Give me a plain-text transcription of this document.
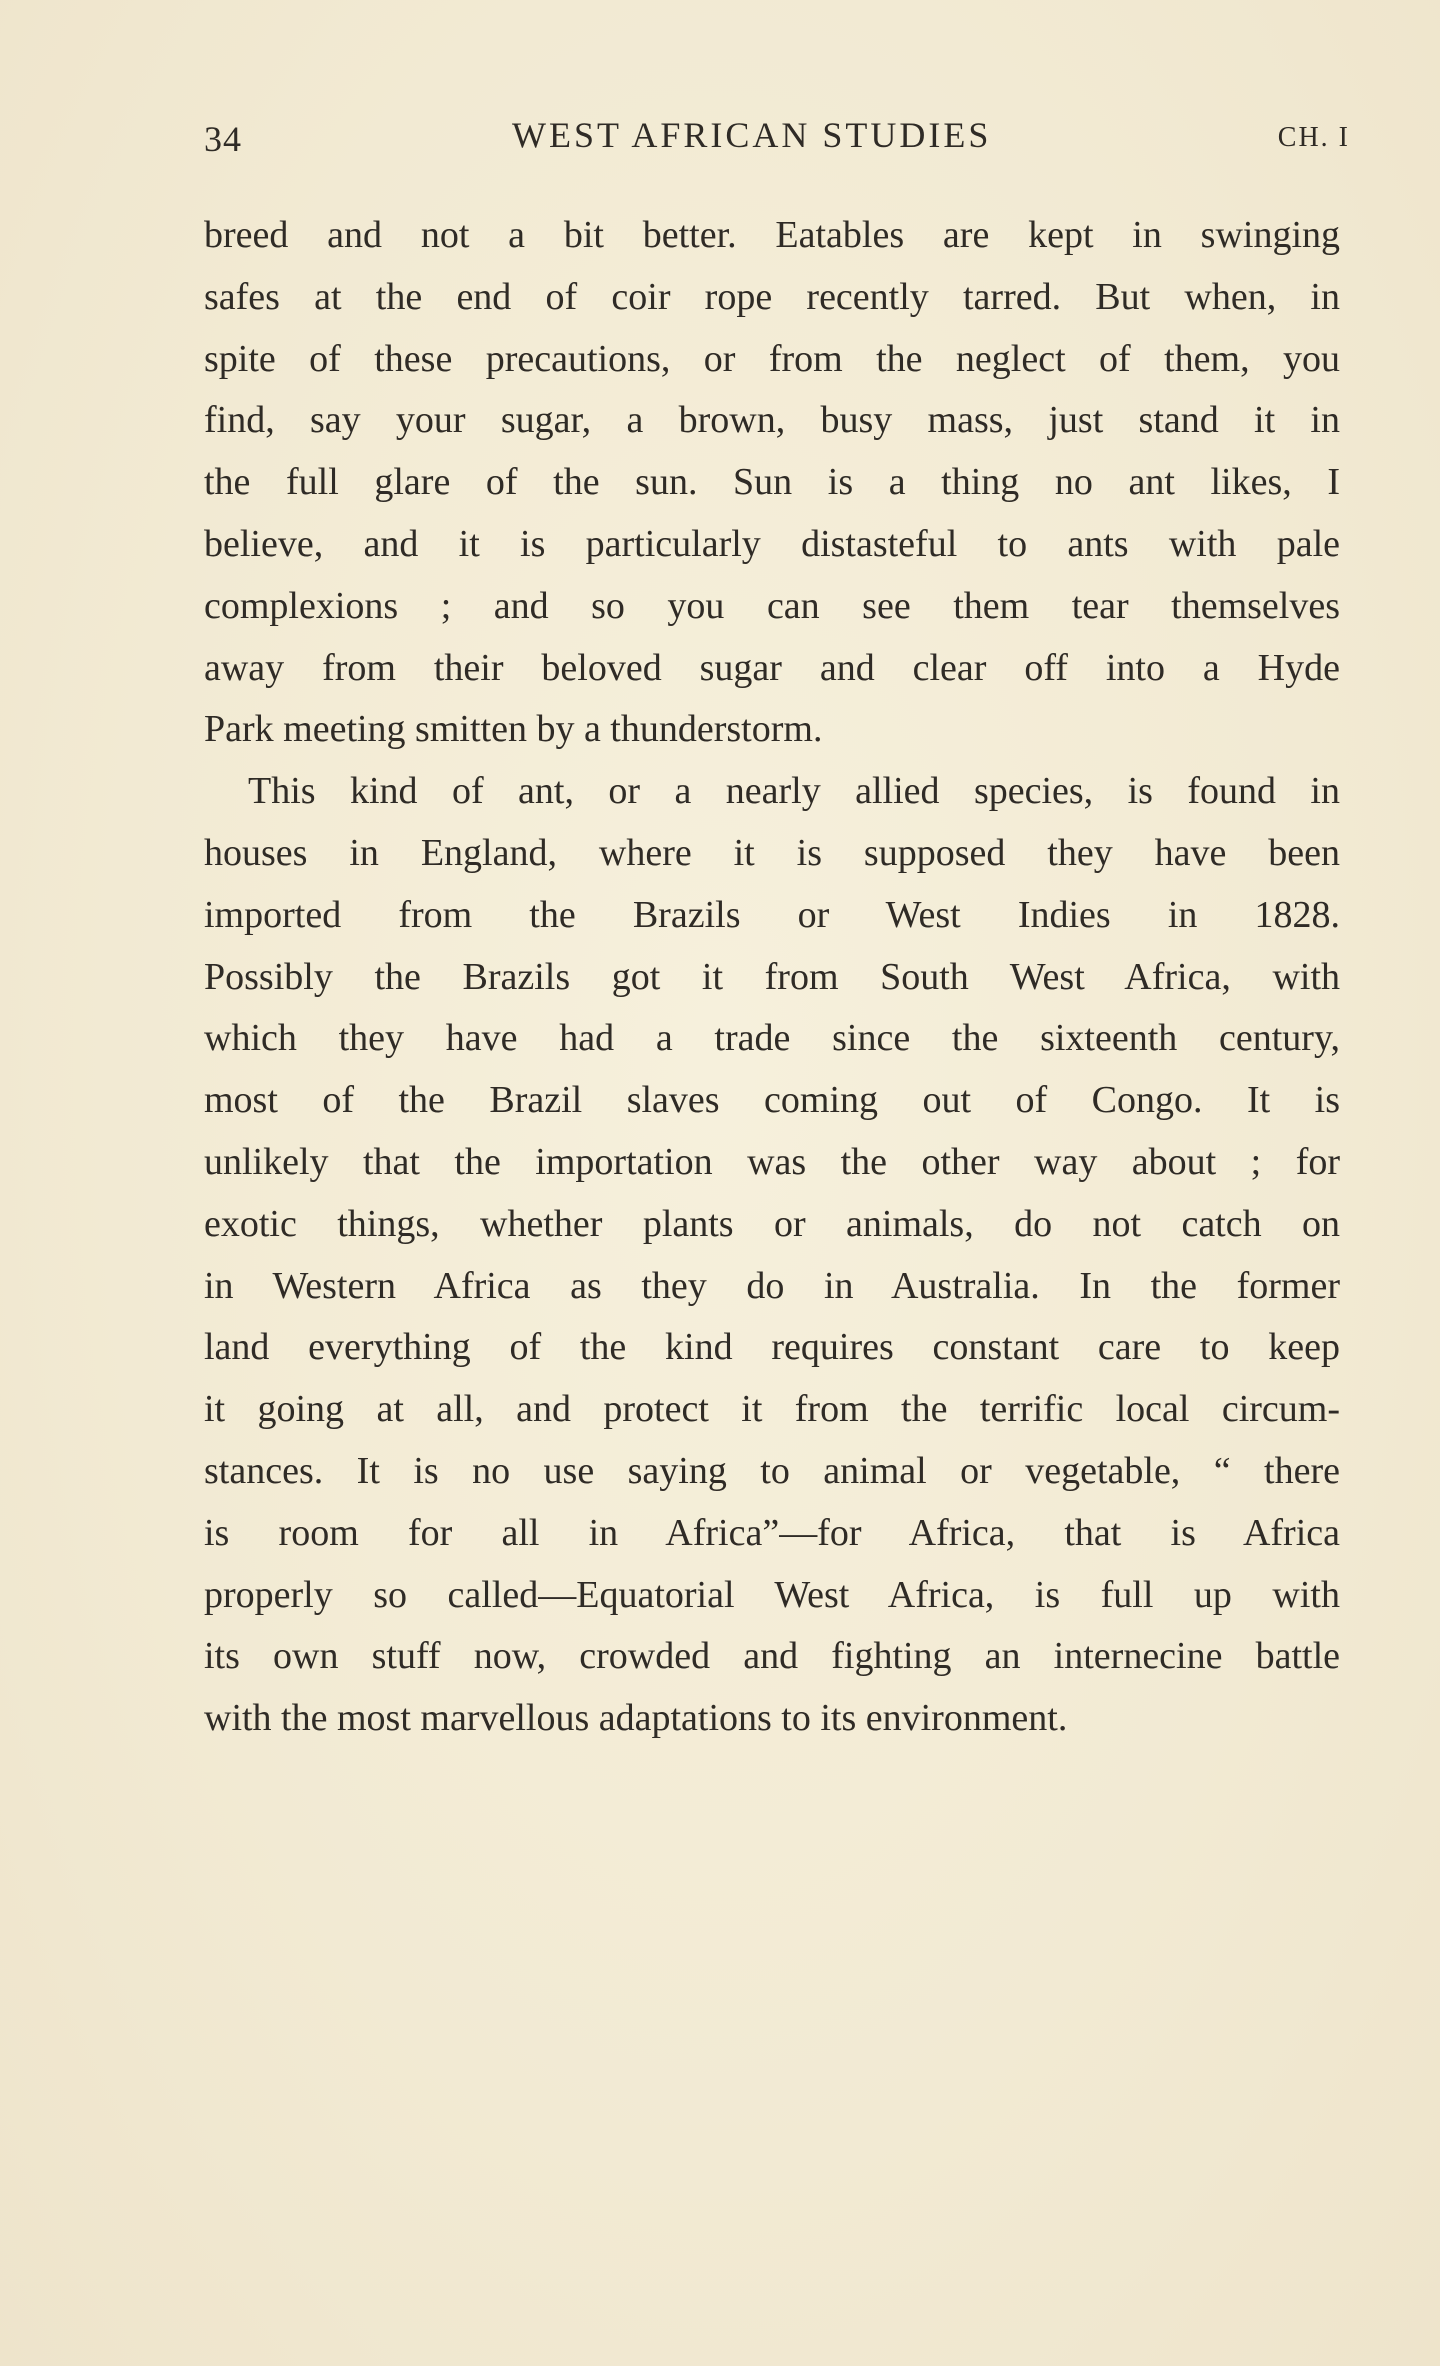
34	WEST AFRICAN STUDIES	CH. I
breed and not a bit better. Eatables are kept in swinging
safes at the end of coir rope recently tarred. But when, in
spite of these precautions, or from the neglect of them, you
find, say your sugar, a brown, busy mass, just stand it in
the full glare of the sun. Sun is a thing no ant likes, I
believe, and it is particularly distasteful to ants with pale
complexions ; and so you can see them tear themselves
away from their beloved sugar and clear off into a Hyde
Park meeting smitten by a thunderstorm.
This kind of ant, or a nearly allied species, is found in
houses in England, where it is supposed they have been
imported from the Brazils or West Indies in 1828.
Possibly the Brazils got it from South West Africa, with
which they have had a trade since the sixteenth century,
most of the Brazil slaves coming out of Congo. It is
unlikely that the importation was the other way about ; for
exotic things, whether plants or animals, do not catch on
in Western Africa as they do in Australia. In the former
land everything of the kind requires constant care to keep
it going at all, and protect it from the terrific local circum-
stances. It is no use saying to animal or vegetable, “ there
is room for all in Africa”—for Africa, that is Africa
properly so called—Equatorial West Africa, is full up with
its own stuff now, crowded and fighting an internecine battle
with the most marvellous adaptations to its environment.
